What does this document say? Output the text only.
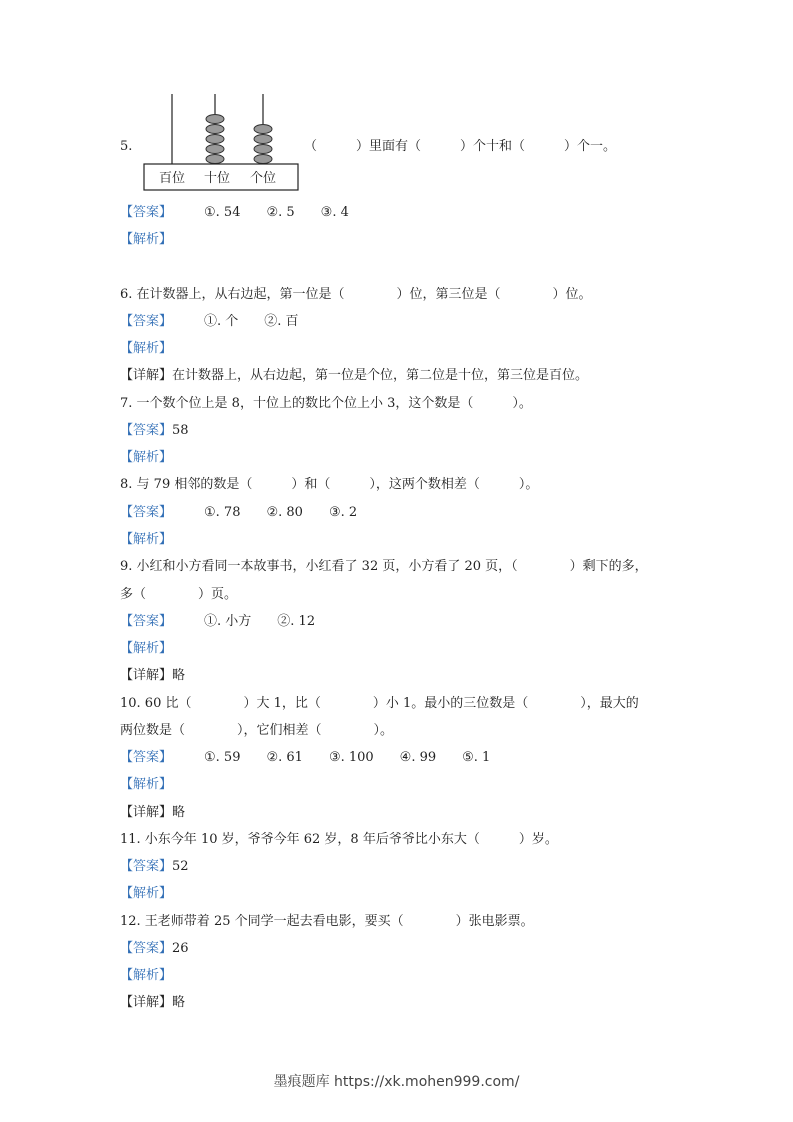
5.
百位 十位 个位
（　　　）里面有（　　　）个十和（　　　）个一。
【答案】 ①. 54　　②. 5　　③. 4
【解析】
6. 在计数器上，从右边起，第一位是（　　　　）位，第三位是（　　　　）位。
【答案】 ①. 个　　②. 百
【解析】
【详解】在计数器上，从右边起，第一位是个位，第二位是十位，第三位是百位。
7. 一个数个位上是 8，十位上的数比个位上小 3，这个数是（　　　）。
【答案】58
【解析】
8. 与 79 相邻的数是（　　　）和（　　　），这两个数相差（　　　）。
【答案】 ①. 78　　②. 80　　③. 2
【解析】
9. 小红和小方看同一本故事书，小红看了 32 页，小方看了 20 页，（　　　　）剩下的多，
多（　　　　）页。
【答案】 ①. 小方　　②. 12
【解析】
【详解】略
10. 60 比（　　　　）大 1，比（　　　　）小 1。最小的三位数是（　　　　），最大的
两位数是（　　　　），它们相差（　　　　）。
【答案】 ①. 59　　②. 61　　③. 100　　④. 99　　⑤. 1
【解析】
【详解】略
11. 小东今年 10 岁，爷爷今年 62 岁，8 年后爷爷比小东大（　　　）岁。
【答案】52
【解析】
12. 王老师带着 25 个同学一起去看电影，要买（　　　　）张电影票。
【答案】26
【解析】
【详解】略
墨痕题库 https://xk.mohen999.com/
